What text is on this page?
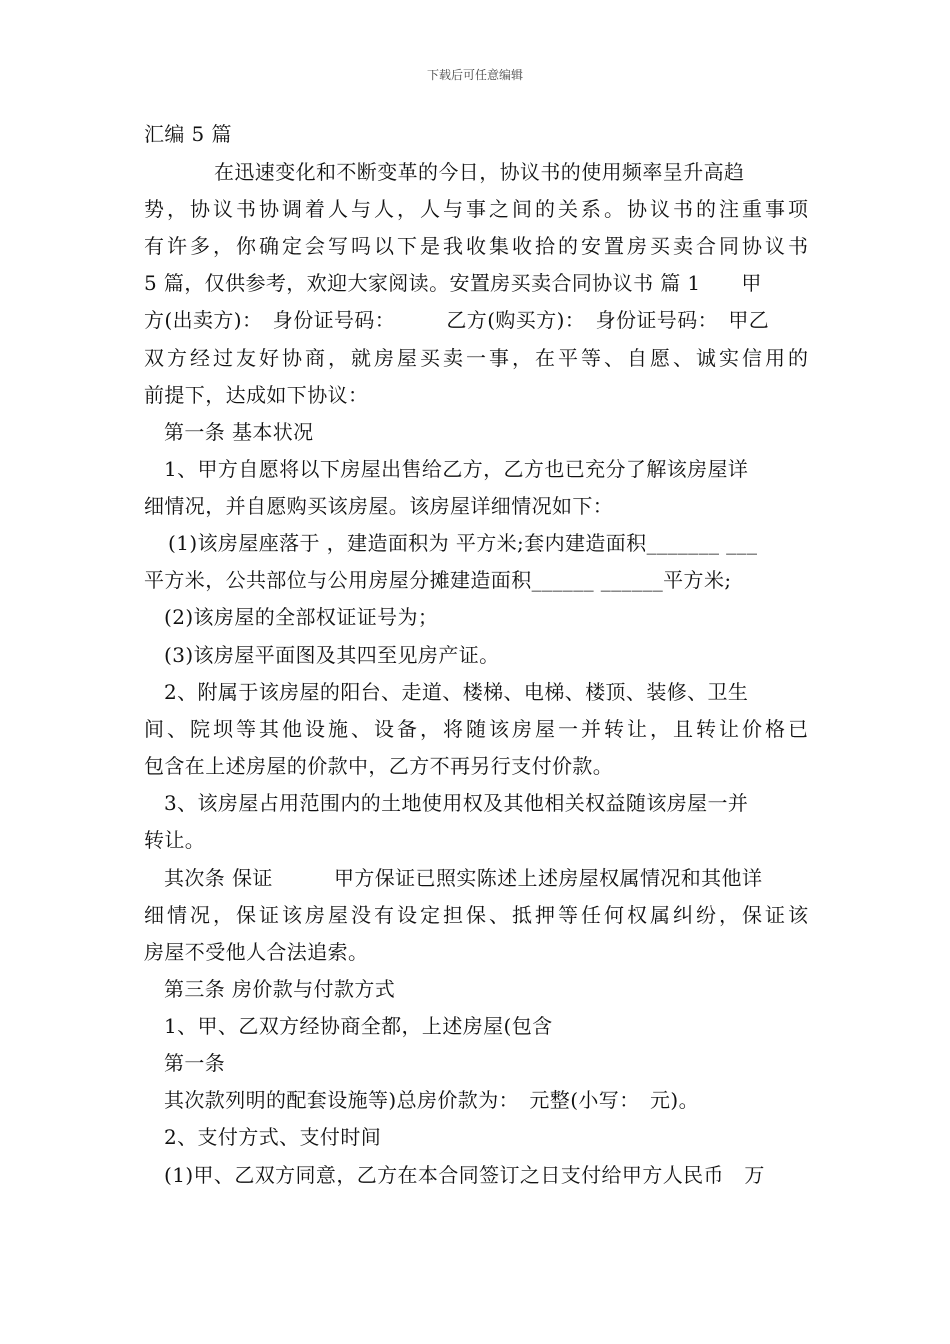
下载后可任意编辑
汇编 5 篇
在迅速变化和不断变革的今日，协议书的使用频率呈升高趋
势，协议书协调着人与人，人与事之间的关系。协议书的注重事项
有许多，你确定会写吗以下是我收集收拾的安置房买卖合同协议书
5 篇，仅供参考，欢迎大家阅读。安置房买卖合同协议书 篇 1　　甲
方(出卖方)：　身份证号码：　　　乙方(购买方)：　身份证号码：　甲乙
双方经过友好协商，就房屋买卖一事，在平等、自愿、诚实信用的
前提下，达成如下协议：
第一条 基本状况
1、甲方自愿将以下房屋出售给乙方，乙方也已充分了解该房屋详
细情况，并自愿购买该房屋。该房屋详细情况如下：
(1)该房屋座落于 ，建造面积为 平方米;套内建造面积_______ ___
平方米，公共部位与公用房屋分摊建造面积______ ______平方米;
(2)该房屋的全部权证证号为；
(3)该房屋平面图及其四至见房产证。
2、附属于该房屋的阳台、走道、楼梯、电梯、楼顶、装修、卫生
间、院坝等其他设施、设备，将随该房屋一并转让，且转让价格已
包含在上述房屋的价款中，乙方不再另行支付价款。
3、该房屋占用范围内的土地使用权及其他相关权益随该房屋一并
转让。
其次条 保证　　　甲方保证已照实陈述上述房屋权属情况和其他详
细情况，保证该房屋没有设定担保、抵押等任何权属纠纷，保证该
房屋不受他人合法追索。
第三条 房价款与付款方式
1、甲、乙双方经协商全都，上述房屋(包含
第一条
其次款列明的配套设施等)总房价款为：　元整(小写：　元)。
2、支付方式、支付时间
(1)甲、乙双方同意，乙方在本合同签订之日支付给甲方人民币　万
